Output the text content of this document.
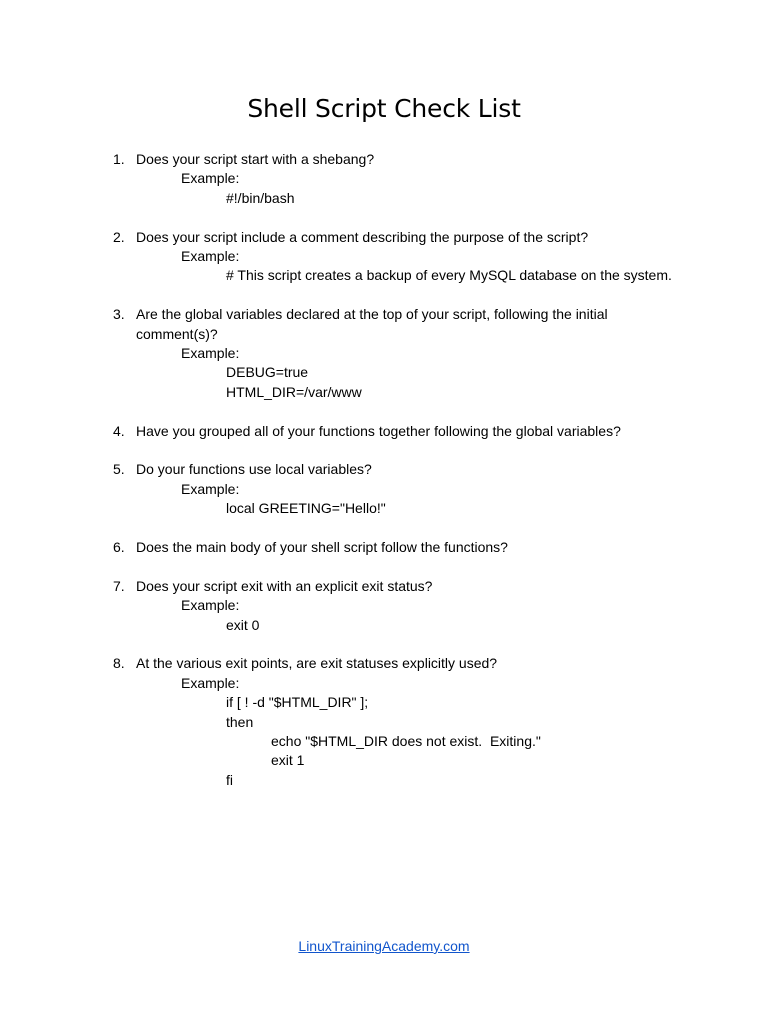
Shell Script Check List
1. Does your script start with a shebang?
Example:
#!/bin/bash
2. Does your script include a comment describing the purpose of the script?
Example:
# This script creates a backup of every MySQL database on the system.
3. Are the global variables declared at the top of your script, following the initial comment(s)?
Example:
DEBUG=true
HTML_DIR=/var/www
4. Have you grouped all of your functions together following the global variables?
5. Do your functions use local variables?
Example:
local GREETING="Hello!"
6. Does the main body of your shell script follow the functions?
7. Does your script exit with an explicit exit status?
Example:
exit 0
8. At the various exit points, are exit statuses explicitly used?
Example:
if [ ! -d "$HTML_DIR" ];
then
echo "$HTML_DIR does not exist.  Exiting."
exit 1
fi
LinuxTrainingAcademy.com
